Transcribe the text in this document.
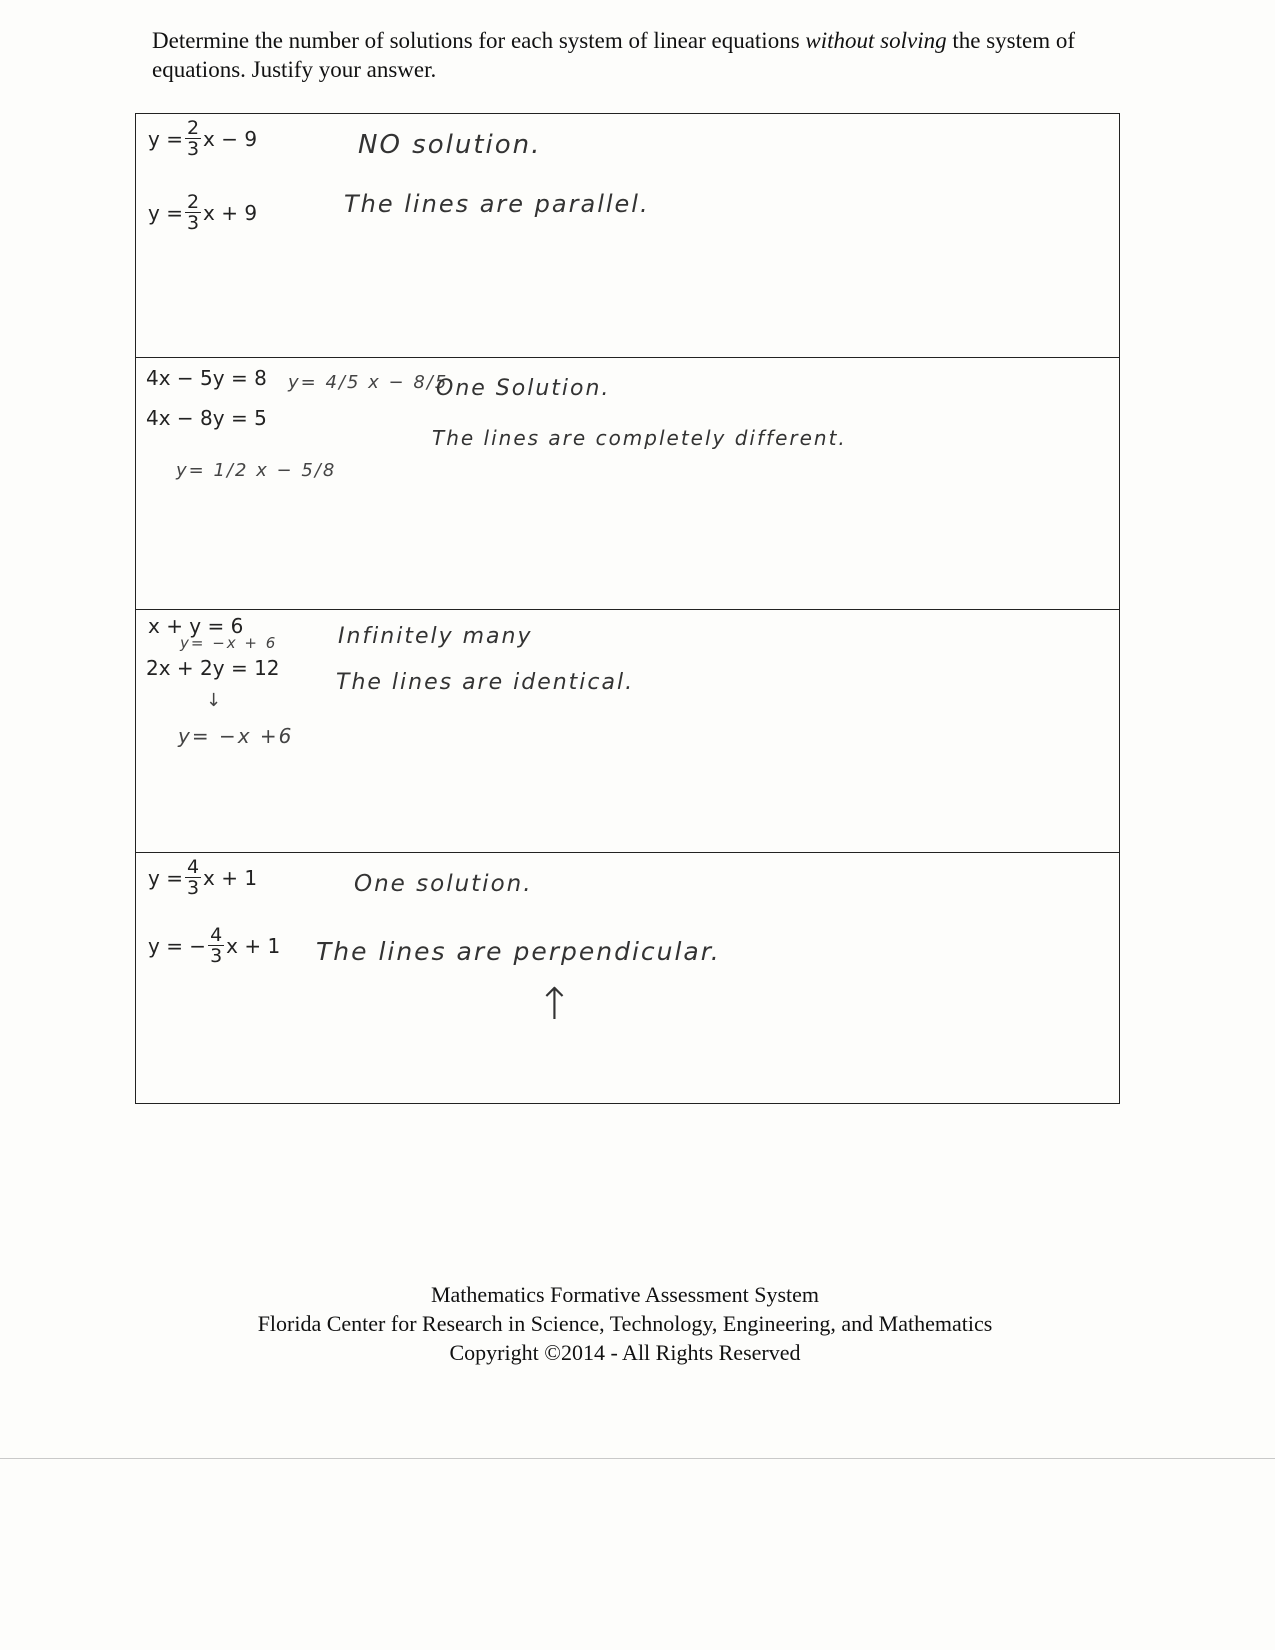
Determine the number of solutions for each system of linear equations without solving the system of equations. Justify your answer.
$y = \frac{2}{3}$ x − 9
$y = \frac{2}{3}$ x + 9
NO solution.
The lines are parallel.
4x − 5y = 8
4x − 8y = 5
y= 4/5 x − 8/5
y= 1/2 x − 5/8
One Solution.
The lines are completely different.
x + y = 6
2x + 2y = 12
y= −x + 6
↓
y= −x +6
Infinitely many
The lines are identical.
$y = \frac{4}{3}$ x + 1
y = − $\frac{4}{3}$ x + 1
One solution.
The lines are perpendicular.
↑
Mathematics Formative Assessment System
Florida Center for Research in Science, Technology, Engineering, and Mathematics
Copyright ©2014 - All Rights Reserved
